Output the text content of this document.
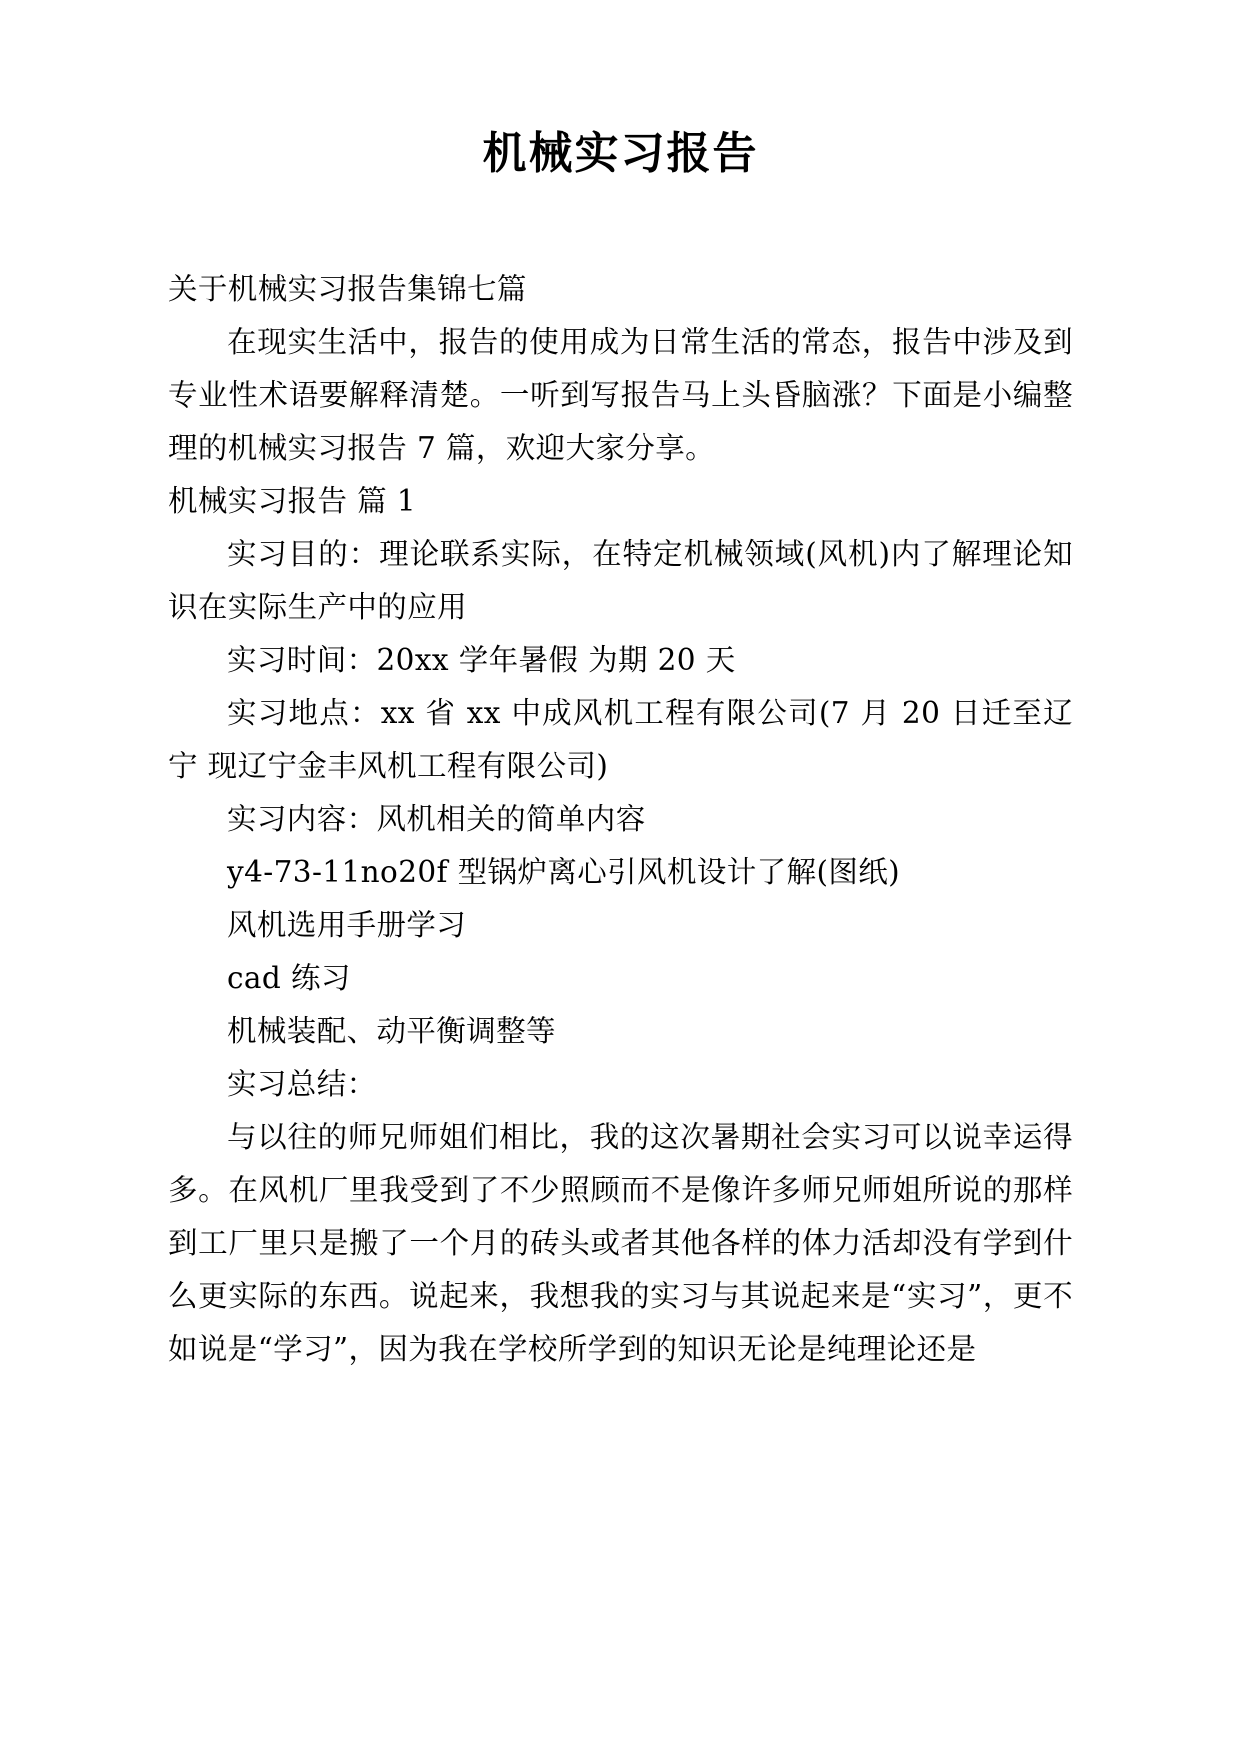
机械实习报告

关于机械实习报告集锦七篇

在现实生活中，报告的使用成为日常生活的常态，报告中涉及到专业性术语要解释清楚。一听到写报告马上头昏脑涨？下面是小编整理的机械实习报告 7 篇，欢迎大家分享。

机械实习报告 篇 1

实习目的：理论联系实际，在特定机械领域(风机)内了解理论知识在实际生产中的应用

实习时间：20xx 学年暑假 为期 20 天

实习地点：xx 省 xx 中成风机工程有限公司(7 月 20 日迁至辽宁 现辽宁金丰风机工程有限公司)

实习内容：风机相关的简单内容

y4-73-11no20f 型锅炉离心引风机设计了解(图纸)

风机选用手册学习

cad 练习

机械装配、动平衡调整等

实习总结：

与以往的师兄师姐们相比，我的这次暑期社会实习可以说幸运得多。在风机厂里我受到了不少照顾而不是像许多师兄师姐所说的那样到工厂里只是搬了一个月的砖头或者其他各样的体力活却没有学到什么更实际的东西。说起来，我想我的实习与其说起来是“实习”，更不如说是“学习”，因为我在学校所学到的知识无论是纯理论还是
